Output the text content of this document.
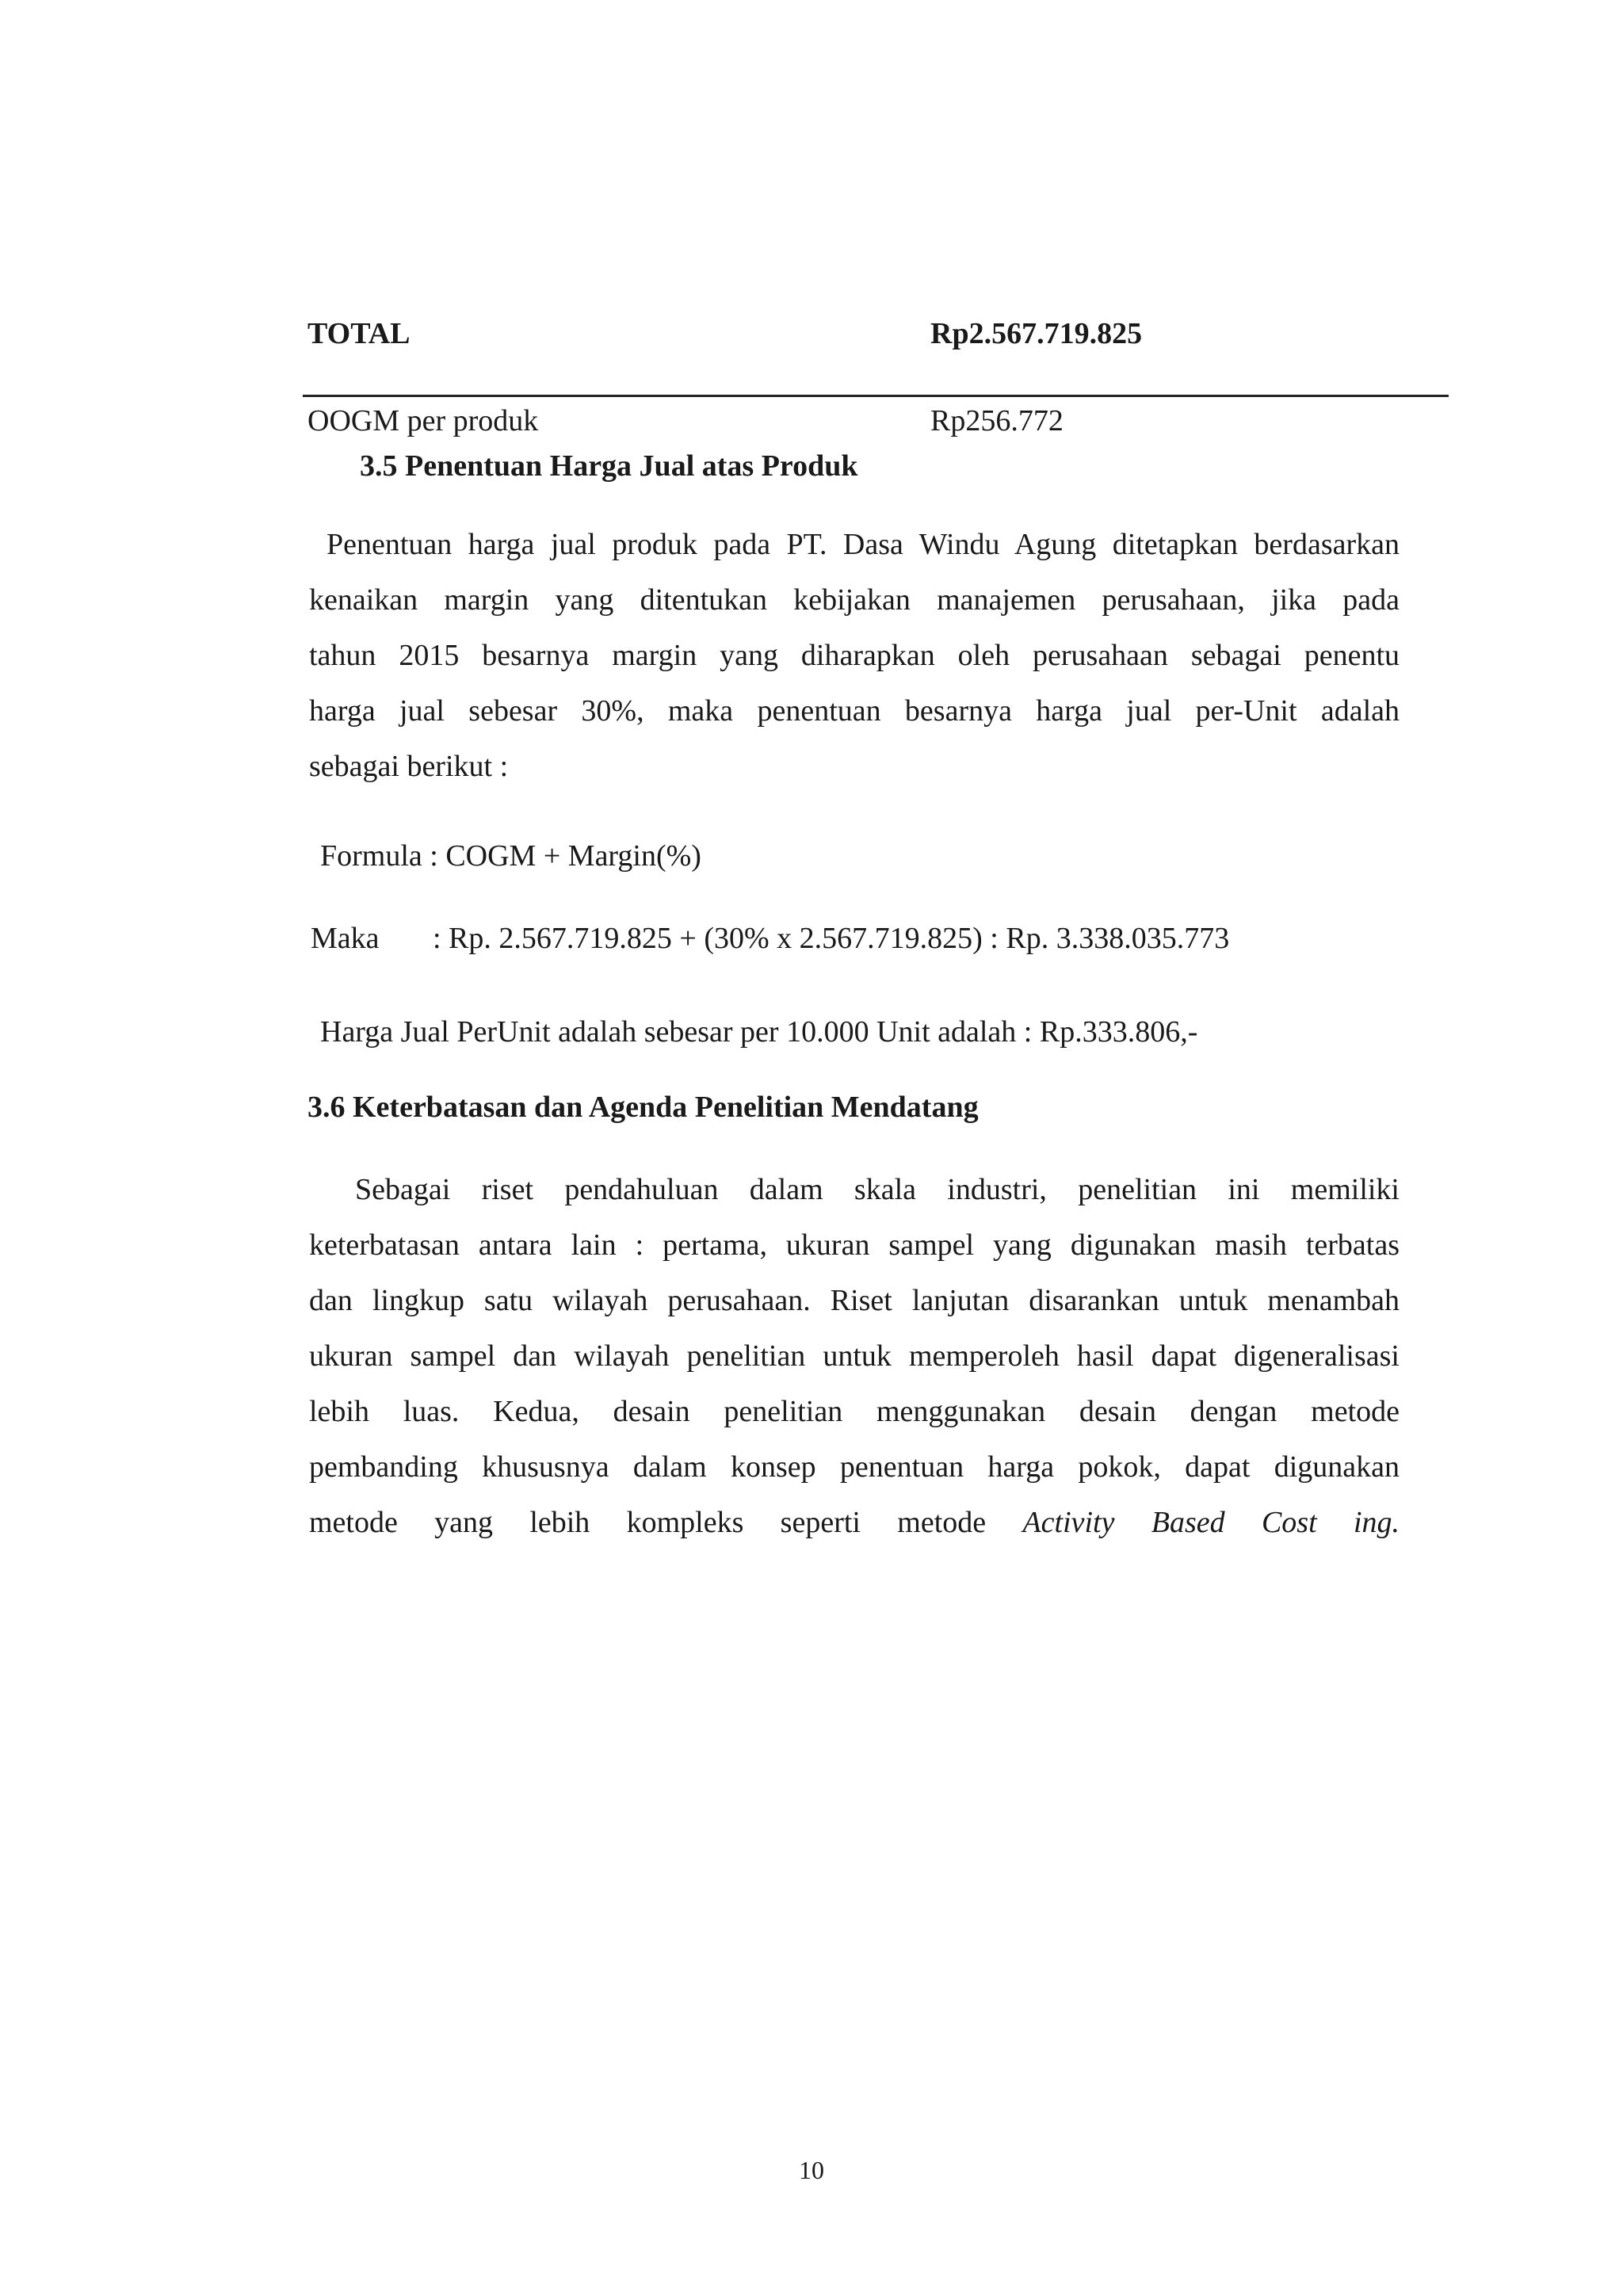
TOTAL	Rp2.567.719.825
OOGM per produk	Rp256.772
3.5 Penentuan Harga Jual atas Produk
Penentuan harga jual produk pada PT. Dasa Windu Agung ditetapkan berdasarkan
kenaikan margin yang ditentukan kebijakan manajemen perusahaan, jika pada
tahun 2015 besarnya margin yang diharapkan oleh perusahaan sebagai penentu
harga jual sebesar 30%, maka penentuan besarnya harga jual per-Unit adalah
sebagai berikut :
Formula : COGM + Margin(%)
Maka : Rp. 2.567.719.825 + (30% x 2.567.719.825) : Rp. 3.338.035.773
Harga Jual PerUnit adalah sebesar per 10.000 Unit adalah : Rp.333.806,-
3.6 Keterbatasan dan Agenda Penelitian Mendatang
Sebagai riset pendahuluan dalam skala industri, penelitian ini memiliki
keterbatasan antara lain : pertama, ukuran sampel yang digunakan masih terbatas
dan lingkup satu wilayah perusahaan. Riset lanjutan disarankan untuk menambah
ukuran sampel dan wilayah penelitian untuk memperoleh hasil dapat digeneralisasi
lebih luas. Kedua, desain penelitian menggunakan desain dengan metode
pembanding khususnya dalam konsep penentuan harga pokok, dapat digunakan
metode yang lebih kompleks seperti metode Activity Based Cost ing.
10
